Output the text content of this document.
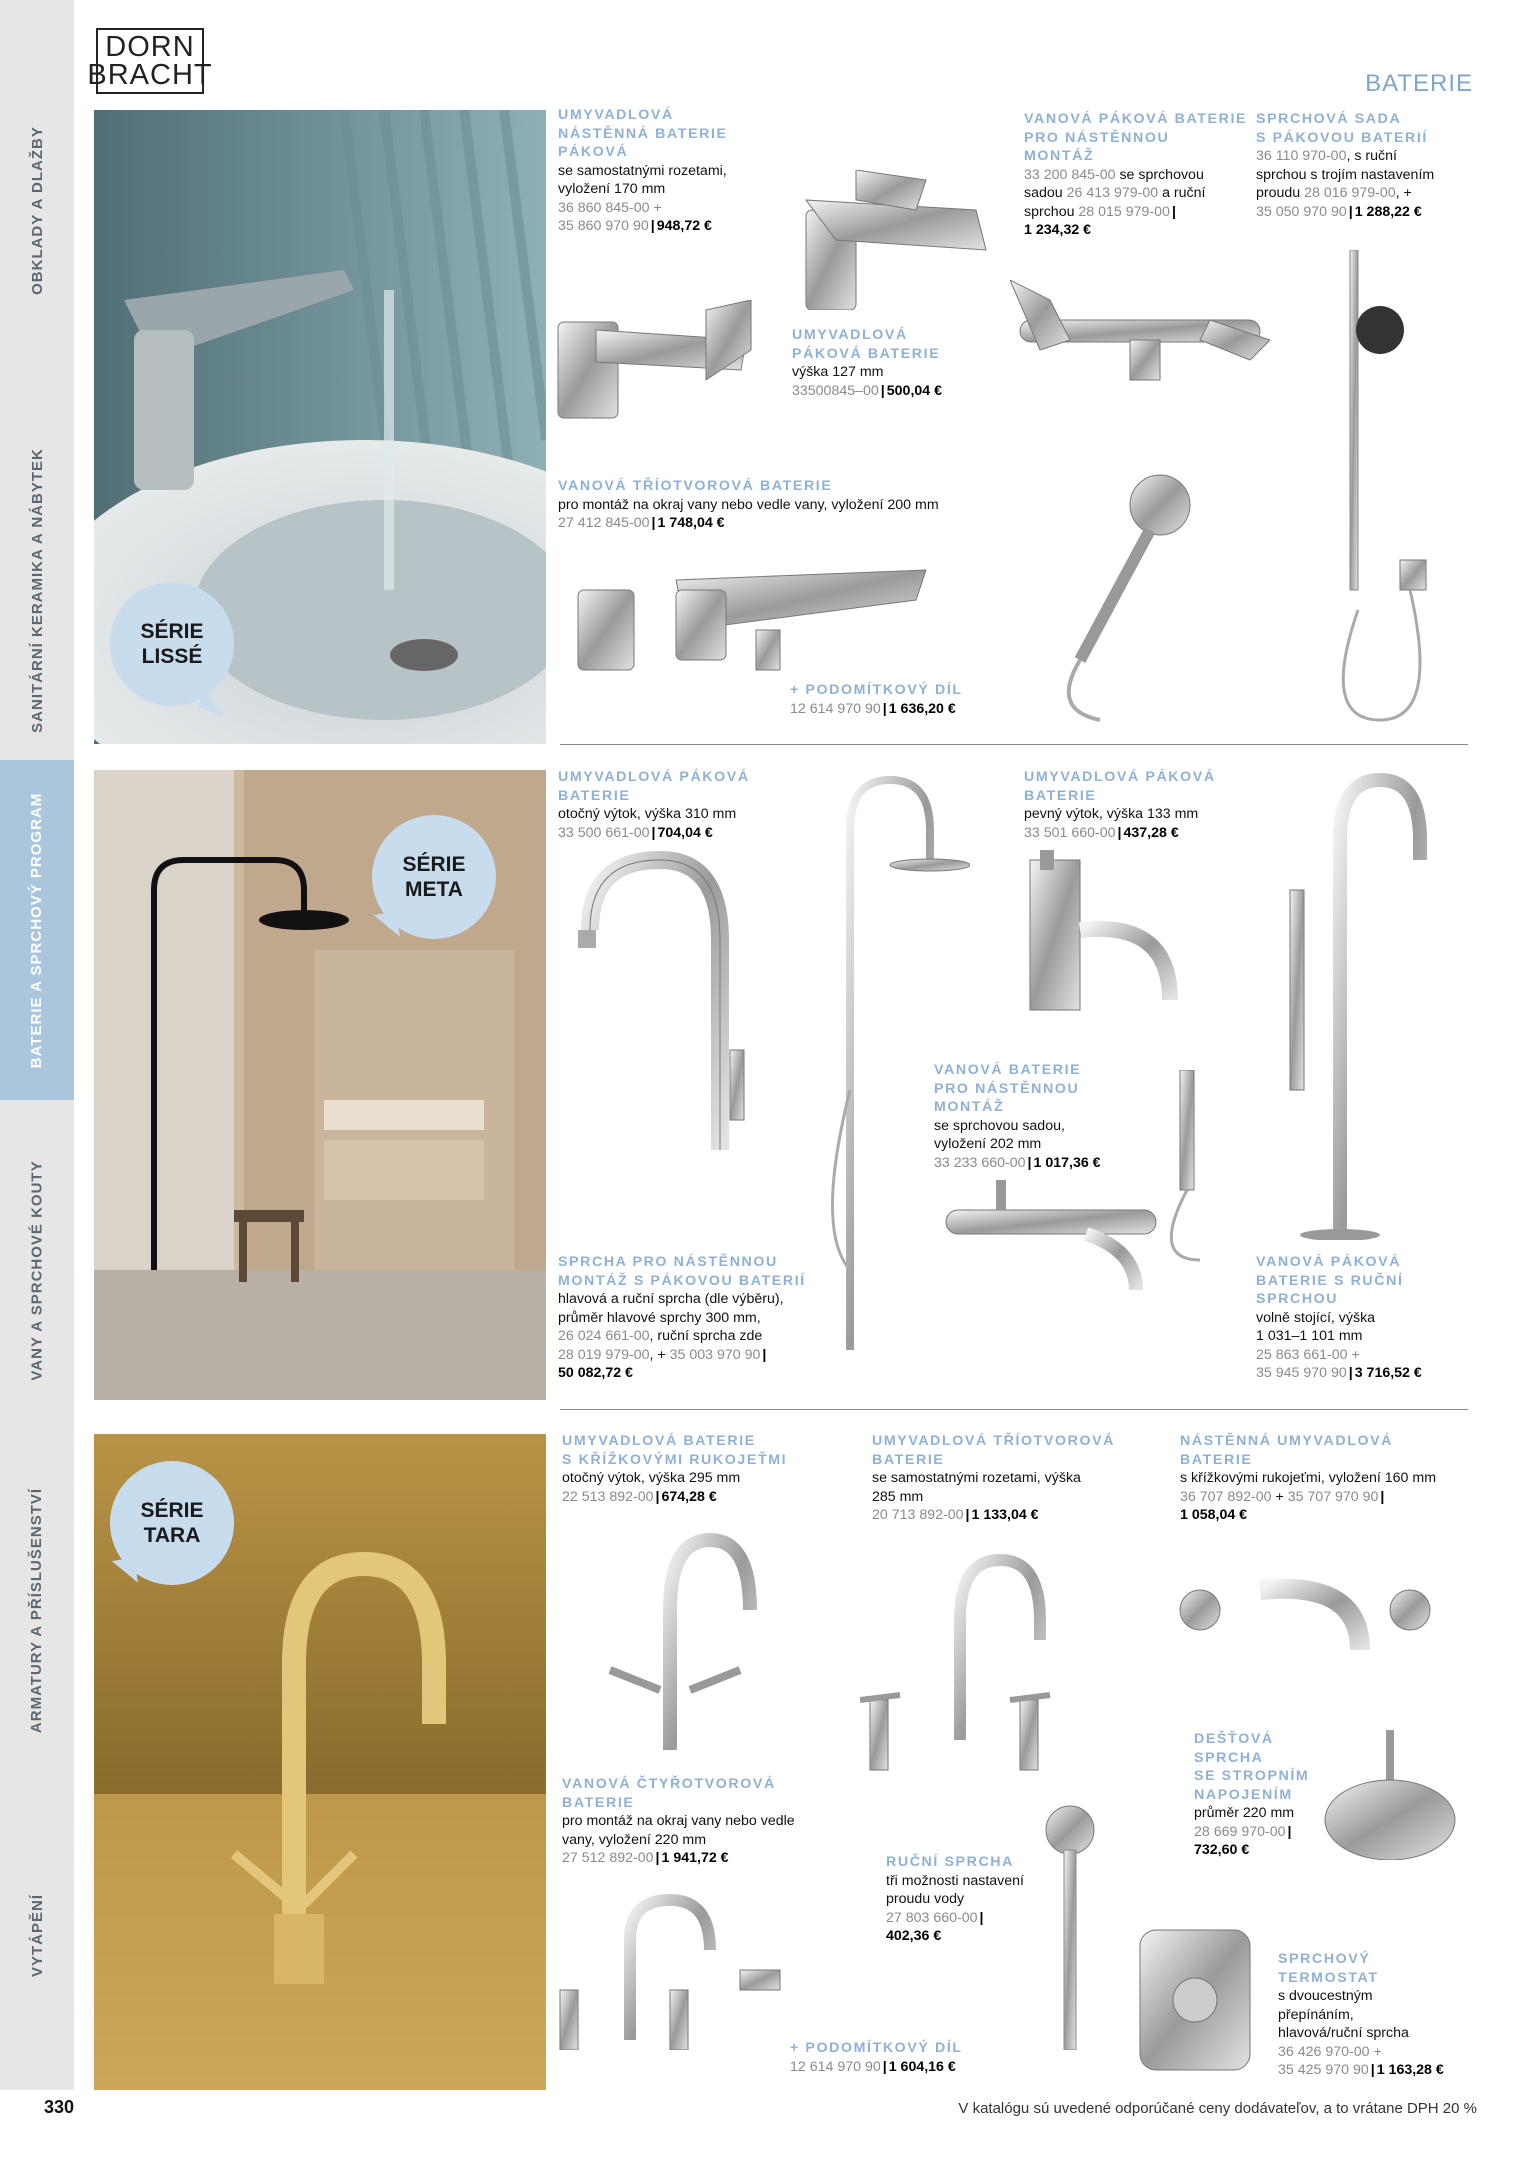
OBKLADY A DLAŽBY
SANITÁRNÍ KERAMIKA A NÁBYTEK
BATERIE A SPRCHOVÝ PROGRAM
VANY A SPRCHOVÉ KOUTY
ARMATURY A PŘÍSLUŠENSTVÍ
VYTÁPĚNÍ
DORN
BRACHT	BATERIE
SÉRIE
LISSÉ
SÉRIE
META
SÉRIE
TARA
UMYVADLOVÁ
NÁSTĚNNÁ BATERIE
PÁKOVÁ
se samostatnými rozetami,
vyložení 170 mm
36 860 845-00 +
35 860 970 90 | 948,72 €
VANOVÁ PÁKOVÁ BATERIE
PRO NÁSTĚNNOU
MONTÁŽ
33 200 845-00 se sprchovou
sadou 26 413 979-00 a ruční
sprchou 28 015 979-00 |
1 234,32 €
SPRCHOVÁ SADA
S PÁKOVOU BATERIÍ
36 110 970-00, s ruční
sprchou s trojím nastavením
proudu 28 016 979-00, +
35 050 970 90 | 1 288,22 €
UMYVADLOVÁ
PÁKOVÁ BATERIE
výška 127 mm
33500845–00 | 500,04 €
VANOVÁ TŘÍOTVOROVÁ BATERIE
pro montáž na okraj vany nebo vedle vany, vyložení 200 mm
27 412 845-00 | 1 748,04 €
+ PODOMÍTKOVÝ DÍL
12 614 970 90 | 1 636,20 €
UMYVADLOVÁ PÁKOVÁ
BATERIE
otočný výtok, výška 310 mm
33 500 661-00 | 704,04 €
UMYVADLOVÁ PÁKOVÁ
BATERIE
pevný výtok, výška 133 mm
33 501 660-00 | 437,28 €
VANOVÁ BATERIE
PRO NÁSTĚNNOU
MONTÁŽ
se sprchovou sadou,
vyložení 202 mm
33 233 660-00 | 1 017,36 €
SPRCHA PRO NÁSTĚNNOU
MONTÁŽ S PÁKOVOU BATERIÍ
hlavová a ruční sprcha (dle výběru),
průměr hlavové sprchy 300 mm,
26 024 661-00, ruční sprcha zde
28 019 979-00, + 35 003 970 90 |
50 082,72 €
VANOVÁ PÁKOVÁ
BATERIE S RUČNÍ
SPRCHOU
volně stojící, výška
1 031–1 101 mm
25 863 661-00 +
35 945 970 90 | 3 716,52 €
UMYVADLOVÁ BATERIE
S KŘÍŽKOVÝMI RUKOJEŤMI
otočný výtok, výška 295 mm
22 513 892-00 | 674,28 €
UMYVADLOVÁ TŘÍOTVOROVÁ
BATERIE
se samostatnými rozetami, výška
285 mm
20 713 892-00 | 1 133,04 €
NÁSTĚNNÁ UMYVADLOVÁ
BATERIE
s křížkovými rukojeťmi, vyložení 160 mm
36 707 892-00 + 35 707 970 90 |
1 058,04 €
VANOVÁ ČTYŘOTVOROVÁ
BATERIE
pro montáž na okraj vany nebo vedle
vany, vyložení 220 mm
27 512 892-00 | 1 941,72 €
DEŠŤOVÁ
SPRCHA
SE STROPNÍM
NAPOJENÍM
průměr 220 mm
28 669 970-00 |
732,60 €
RUČNÍ SPRCHA
tři možnosti nastavení
proudu vody
27 803 660-00 |
402,36 €
SPRCHOVÝ
TERMOSTAT
s dvoucestným
přepínáním,
hlavová/ruční sprcha
36 426 970-00 +
35 425 970 90 | 1 163,28 €
+ PODOMÍTKOVÝ DÍL
12 614 970 90 | 1 604,16 €
330	V katalógu sú uvedené odporúčané ceny dodávateľov, a to vrátane DPH 20 %
